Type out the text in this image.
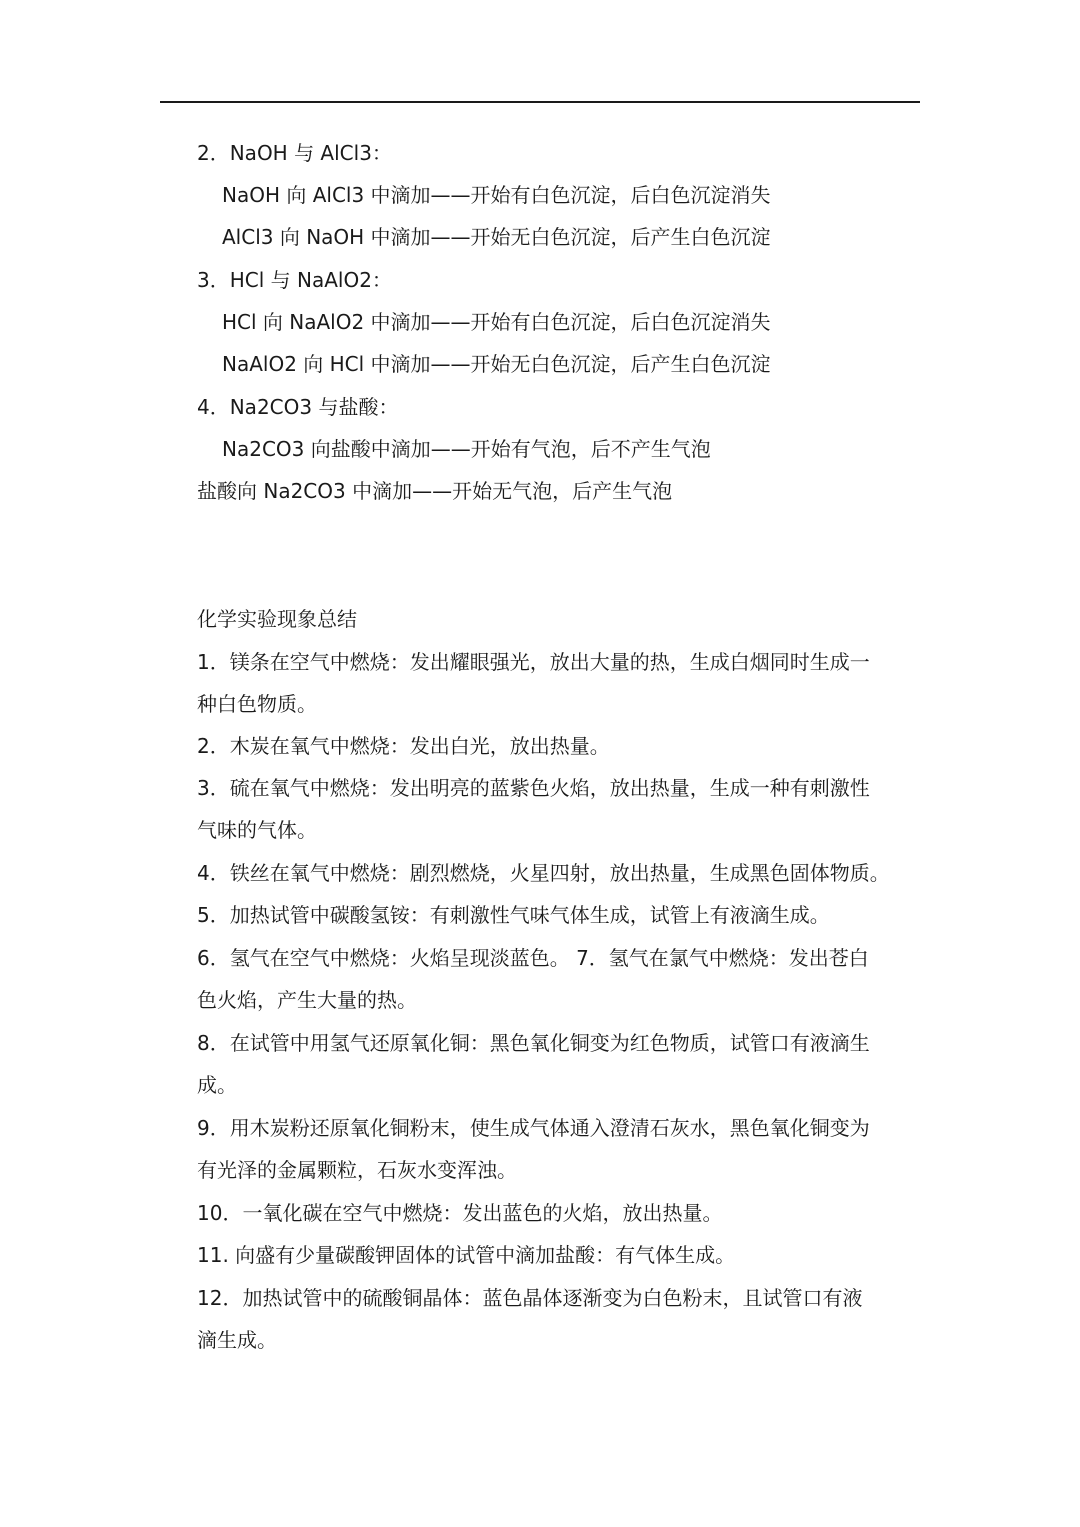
2．NaOH 与 AlCl3：
NaOH 向 AlCl3 中滴加——开始有白色沉淀，后白色沉淀消失
AlCl3 向 NaOH 中滴加——开始无白色沉淀，后产生白色沉淀
3．HCl 与 NaAlO2：
HCl 向 NaAlO2 中滴加——开始有白色沉淀，后白色沉淀消失
NaAlO2 向 HCl 中滴加——开始无白色沉淀，后产生白色沉淀
4．Na2CO3 与盐酸：
Na2CO3 向盐酸中滴加——开始有气泡，后不产生气泡
盐酸向 Na2CO3 中滴加——开始无气泡，后产生气泡
化学实验现象总结
1．镁条在空气中燃烧：发出耀眼强光，放出大量的热，生成白烟同时生成一
种白色物质。
2．木炭在氧气中燃烧：发出白光，放出热量。
3．硫在氧气中燃烧：发出明亮的蓝紫色火焰，放出热量，生成一种有刺激性
气味的气体。
4．铁丝在氧气中燃烧：剧烈燃烧，火星四射，放出热量，生成黑色固体物质。
5．加热试管中碳酸氢铵：有刺激性气味气体生成，试管上有液滴生成。
6．氢气在空气中燃烧：火焰呈现淡蓝色。 7．氢气在氯气中燃烧：发出苍白
色火焰，产生大量的热。
8．在试管中用氢气还原氧化铜：黑色氧化铜变为红色物质，试管口有液滴生
成。
9．用木炭粉还原氧化铜粉末，使生成气体通入澄清石灰水，黑色氧化铜变为
有光泽的金属颗粒，石灰水变浑浊。
10．一氧化碳在空气中燃烧：发出蓝色的火焰，放出热量。
11. 向盛有少量碳酸钾固体的试管中滴加盐酸：有气体生成。
12．加热试管中的硫酸铜晶体：蓝色晶体逐渐变为白色粉末，且试管口有液
滴生成。
